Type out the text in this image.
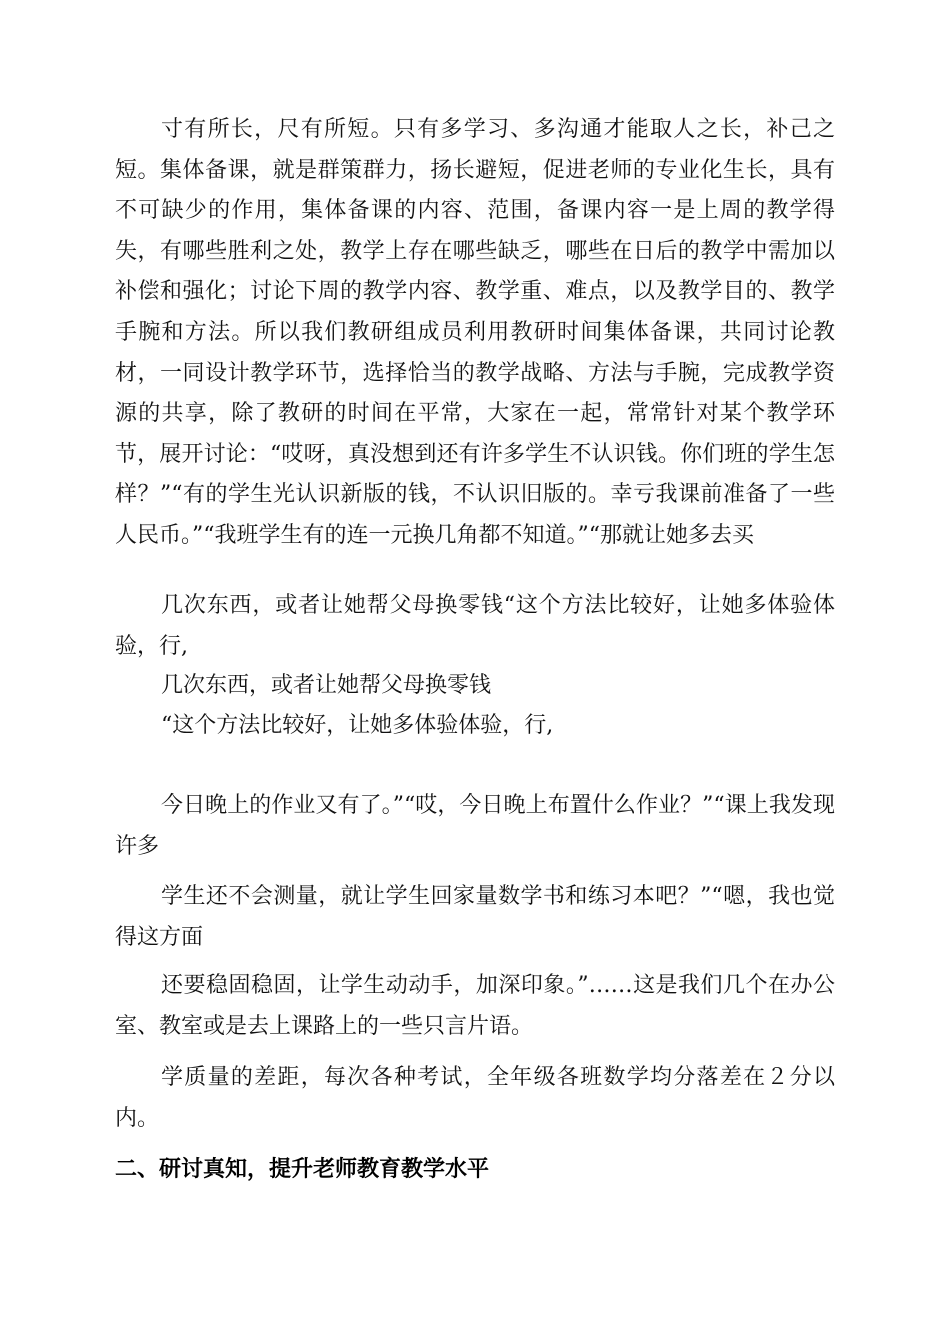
寸有所长，尺有所短。只有多学习、多沟通才能取人之长，补己之短。集体备课，就是群策群力，扬长避短，促进老师的专业化生长，具有不可缺少的作用，集体备课的内容、范围，备课内容一是上周的教学得失，有哪些胜利之处，教学上存在哪些缺乏，哪些在日后的教学中需加以补偿和强化；讨论下周的教学内容、教学重、难点，以及教学目的、教学手腕和方法。所以我们教研组成员利用教研时间集体备课，共同讨论教材，一同设计教学环节，选择恰当的教学战略、方法与手腕，完成教学资源的共享，除了教研的时间在平常，大家在一起，常常针对某个教学环节，展开讨论：“哎呀，真没想到还有许多学生不认识钱。你们班的学生怎样？”“有的学生光认识新版的钱，不认识旧版的。幸亏我课前准备了一些人民币。”“我班学生有的连一元换几角都不知道。”“那就让她多去买

几次东西，或者让她帮父母换零钱“这个方法比较好，让她多体验体验，行,

几次东西，或者让她帮父母换零钱

“这个方法比较好，让她多体验体验，行,

今日晚上的作业又有了。”“哎，今日晚上布置什么作业？”“课上我发现许多

学生还不会测量，就让学生回家量数学书和练习本吧？”“嗯，我也觉得这方面

还要稳固稳固，让学生动动手，加深印象。”……这是我们几个在办公室、教室或是去上课路上的一些只言片语。

学质量的差距，每次各种考试，全年级各班数学均分落差在２分以内。

二、研讨真知，提升老师教育教学水平
